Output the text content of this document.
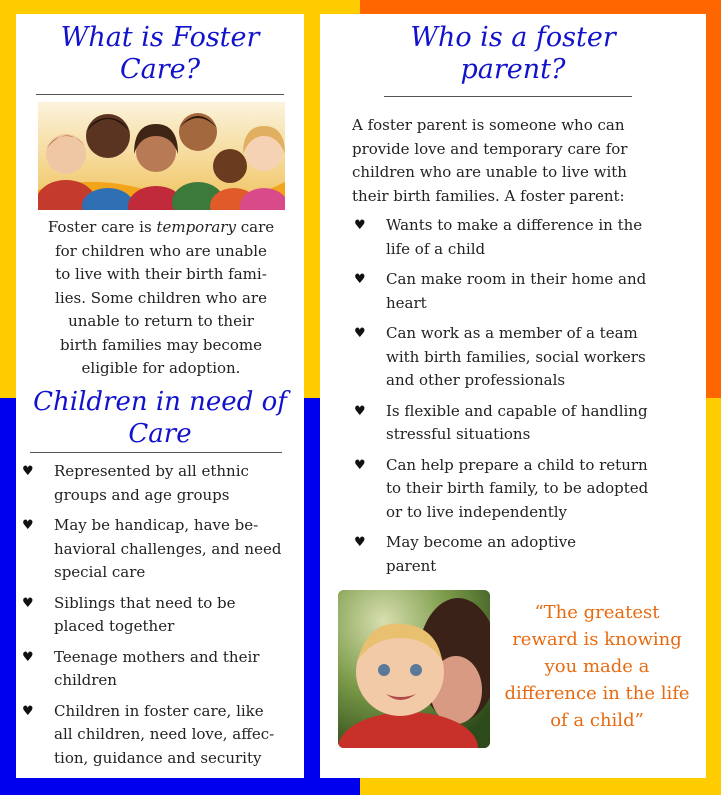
What is Foster

Care?

Foster care is temporary care

for children who are unable

to live with their birth fami-

lies. Some children who are

unable to return to their

birth families may become

eligible for adoption.

Children in need of

Care

♥ Represented by all ethnic
groups and age groups
♥ May be handicap, have be-
havioral challenges, and need
special care
♥ Siblings that need to be
placed together
♥ Teenage mothers and their
children
♥ Children in foster care, like
all children, need love, affec-
tion, guidance and security

Who is a foster

parent?

A foster parent is someone who can

provide love and temporary care for

children who are unable to live with

their birth families. A foster parent:

♥ Wants to make a difference in the
life of a child
♥ Can make room in their home and
heart
♥ Can work as a member of a team
with birth families, social workers
and other professionals
♥ Is flexible and capable of handling
stressful situations
♥ Can help prepare a child to return
to their birth family, to be adopted
or to live independently
♥ May become an adoptive
parent
“The greatest
reward is knowing
you made a
difference in the life
of a child”
